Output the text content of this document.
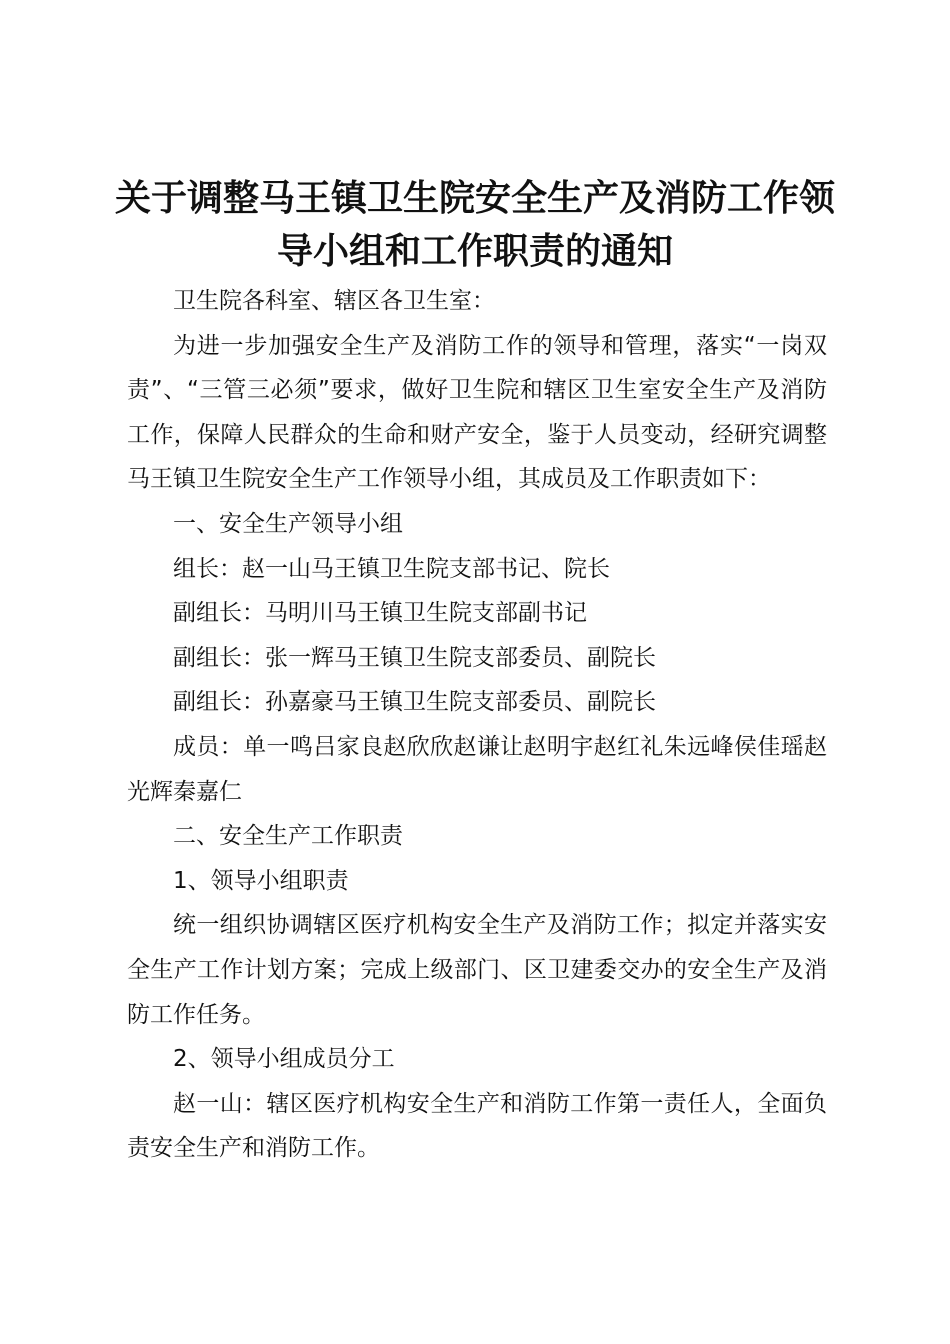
关于调整马王镇卫生院安全生产及消防工作领
导小组和工作职责的通知

卫生院各科室、辖区各卫生室：

为进一步加强安全生产及消防工作的领导和管理，落实“一岗双责”、“三管三必须”要求，做好卫生院和辖区卫生室安全生产及消防工作，保障人民群众的生命和财产安全，鉴于人员变动，经研究调整马王镇卫生院安全生产工作领导小组，其成员及工作职责如下：

一、安全生产领导小组

组长：赵一山马王镇卫生院支部书记、院长

副组长：马明川马王镇卫生院支部副书记

副组长：张一辉马王镇卫生院支部委员、副院长

副组长：孙嘉豪马王镇卫生院支部委员、副院长

成员：单一鸣吕家良赵欣欣赵谦让赵明宇赵红礼朱远峰侯佳瑶赵光辉秦嘉仁

二、安全生产工作职责

1、领导小组职责

统一组织协调辖区医疗机构安全生产及消防工作；拟定并落实安全生产工作计划方案；完成上级部门、区卫建委交办的安全生产及消防工作任务。

2、领导小组成员分工

赵一山：辖区医疗机构安全生产和消防工作第一责任人，全面负责安全生产和消防工作。
